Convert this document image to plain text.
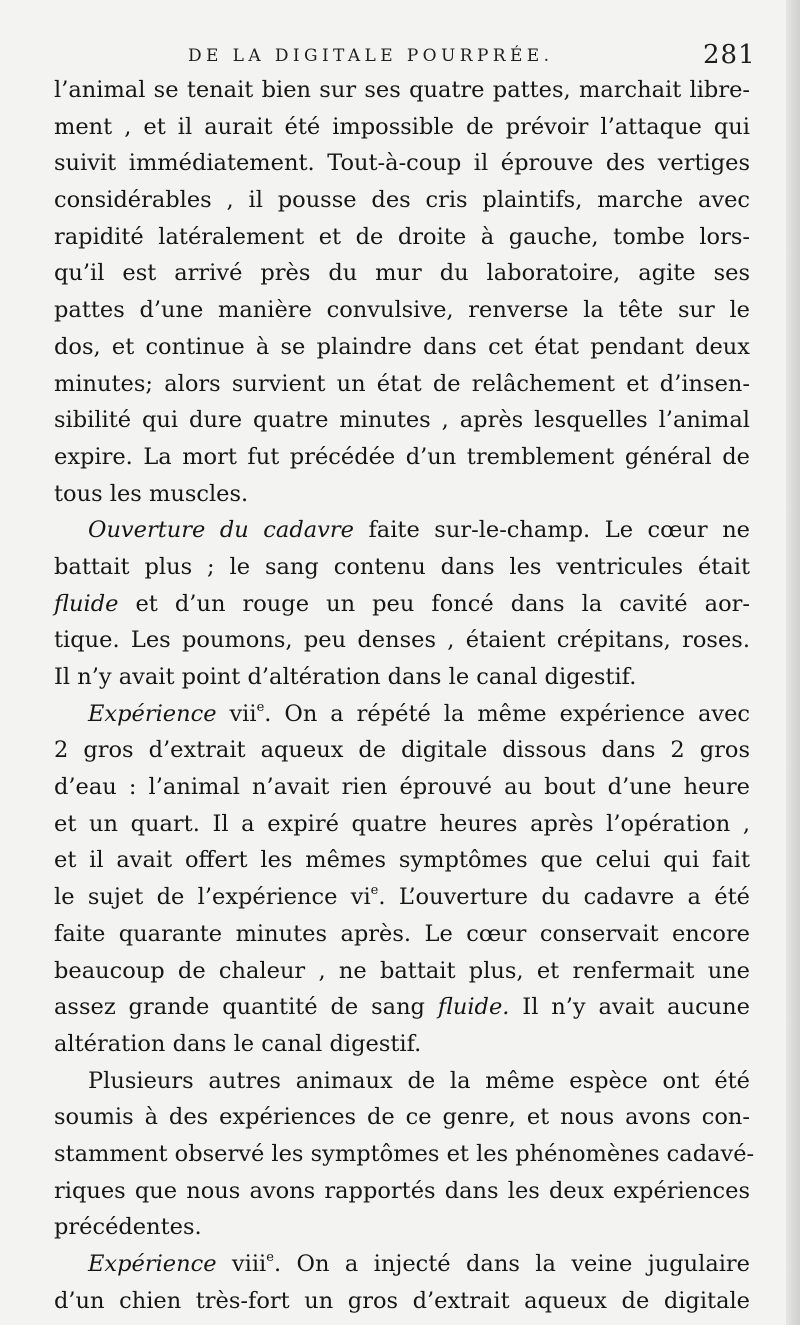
DE LA DIGITALE POURPRÉE.	281
l’animal se tenait bien sur ses quatre pattes, marchait libre-
ment , et il aurait été impossible de prévoir l’attaque qui
suivit immédiatement. Tout-à-coup il éprouve des vertiges
considérables , il pousse des cris plaintifs, marche avec
rapidité latéralement et de droite à gauche, tombe lors-
qu’il est arrivé près du mur du laboratoire, agite ses
pattes d’une manière convulsive, renverse la tête sur le
dos, et continue à se plaindre dans cet état pendant deux
minutes; alors survient un état de relâchement et d’insen-
sibilité qui dure quatre minutes , après lesquelles l’animal
expire. La mort fut précédée d’un tremblement général de
tous les muscles.
Ouverture du cadavre faite sur-le-champ. Le cœur ne
battait plus ; le sang contenu dans les ventricules était
fluide et d’un rouge un peu foncé dans la cavité aor-
tique. Les poumons, peu denses , étaient crépitans, roses.
Il n’y avait point d’altération dans le canal digestif.
Expérience vii$^e$. On a répété la même expérience avec
2 gros d’extrait aqueux de digitale dissous dans 2 gros
d’eau : l’animal n’avait rien éprouvé au bout d’une heure
et un quart. Il a expiré quatre heures après l’opération ,
et il avait offert les mêmes symptômes que celui qui fait
le sujet de l’expérience $vi^e$. L’ouverture du cadavre a été
faite quarante minutes après. Le cœur conservait encore
beaucoup de chaleur , ne battait plus, et renfermait une
assez grande quantité de sang fluide. Il n’y avait aucune
altération dans le canal digestif.
Plusieurs autres animaux de la même espèce ont été
soumis à des expériences de ce genre, et nous avons con-
stamment observé les symptômes et les phénomènes cadavé-
riques que nous avons rapportés dans les deux expériences
précédentes.
Expérience viii$^e$. On a injecté dans la veine jugulaire
d’un chien très-fort un gros d’extrait aqueux de digitale
